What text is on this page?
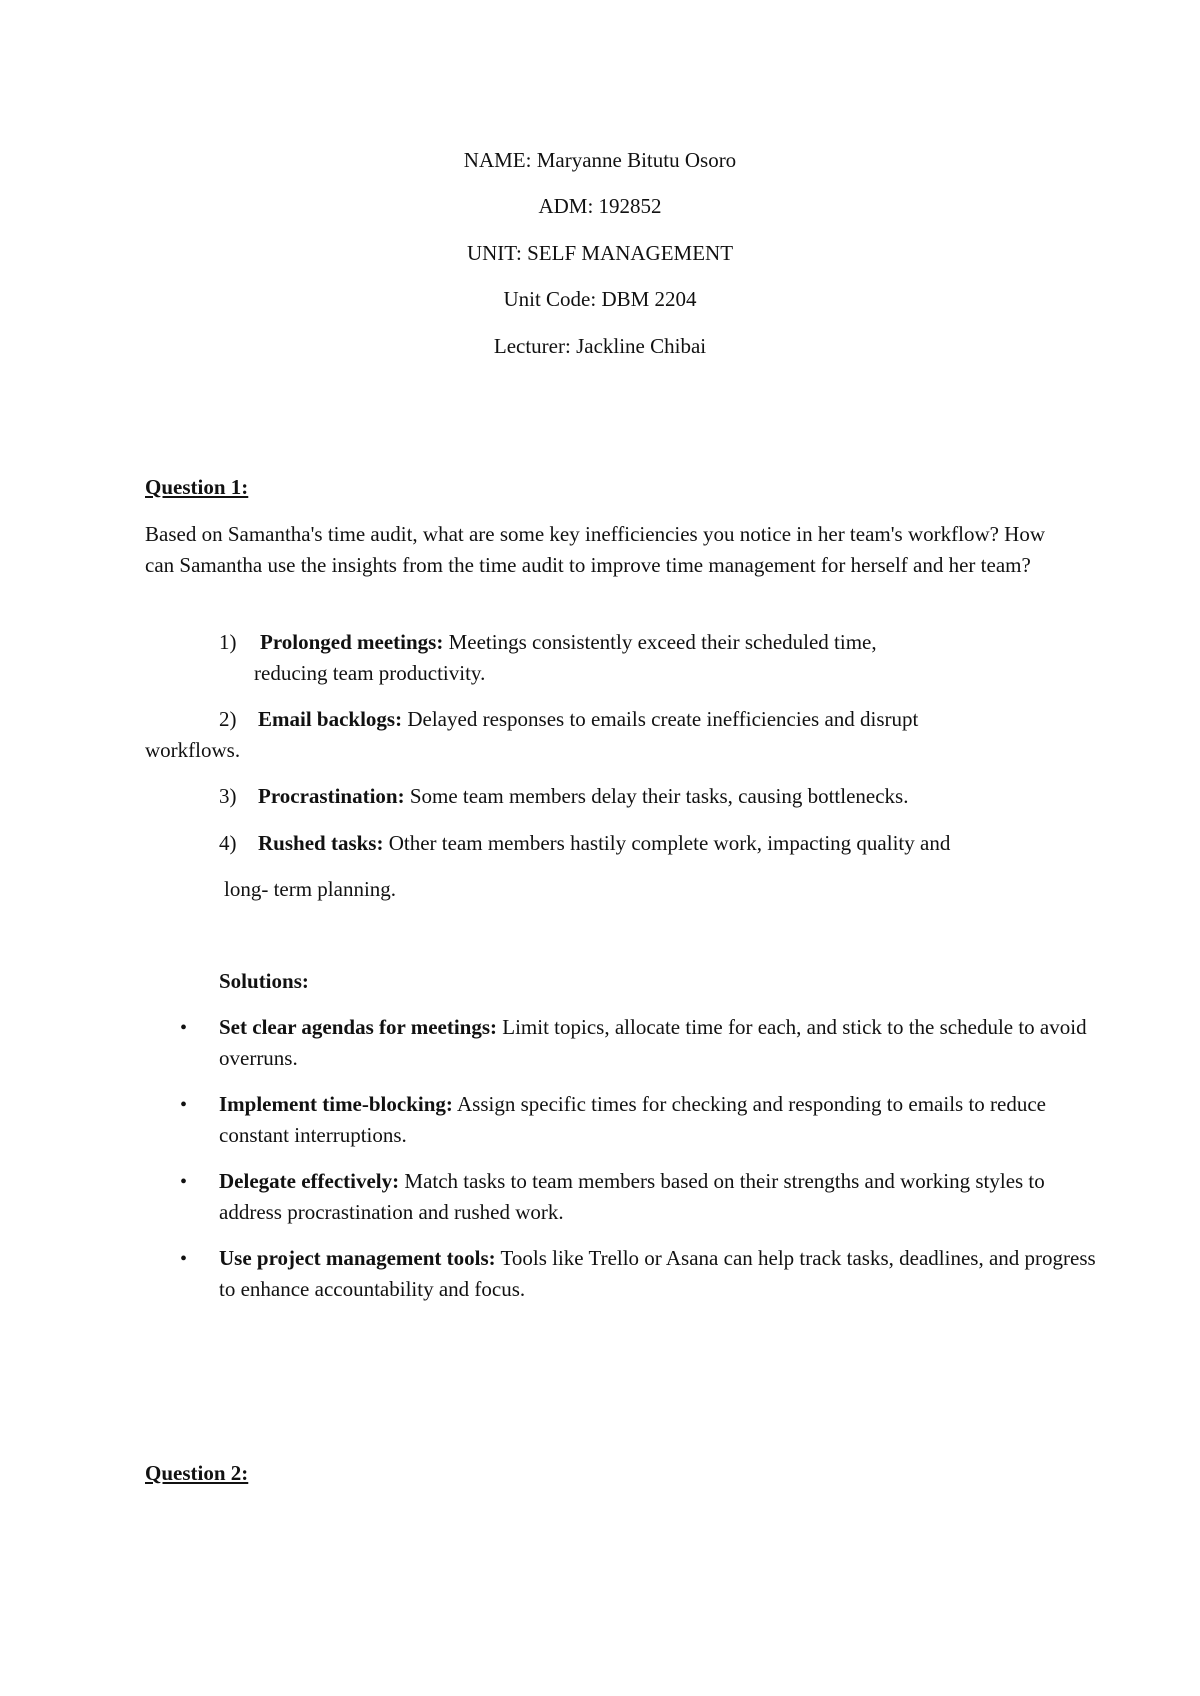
NAME: Maryanne Bitutu Osoro
ADM: 192852
UNIT: SELF MANAGEMENT
Unit Code: DBM 2204
Lecturer: Jackline Chibai
Question 1:
Based on Samantha's time audit, what are some key inefficiencies you notice in her team's workflow? How can Samantha use the insights from the time audit to improve time management for herself and her team?
1) Prolonged meetings: Meetings consistently exceed their scheduled time,
reducing team productivity.
2) Email backlogs: Delayed responses to emails create inefficiencies and disrupt
workflows.
3) Procrastination: Some team members delay their tasks, causing bottlenecks.
4) Rushed tasks: Other team members hastily complete work, impacting quality and
long- term planning.
Solutions:
• Set clear agendas for meetings: Limit topics, allocate time for each, and stick to the schedule to avoid overruns.
• Implement time-blocking: Assign specific times for checking and responding to emails to reduce constant interruptions.
• Delegate effectively: Match tasks to team members based on their strengths and working styles to address procrastination and rushed work.
• Use project management tools: Tools like Trello or Asana can help track tasks, deadlines, and progress to enhance accountability and focus.
Question 2:
